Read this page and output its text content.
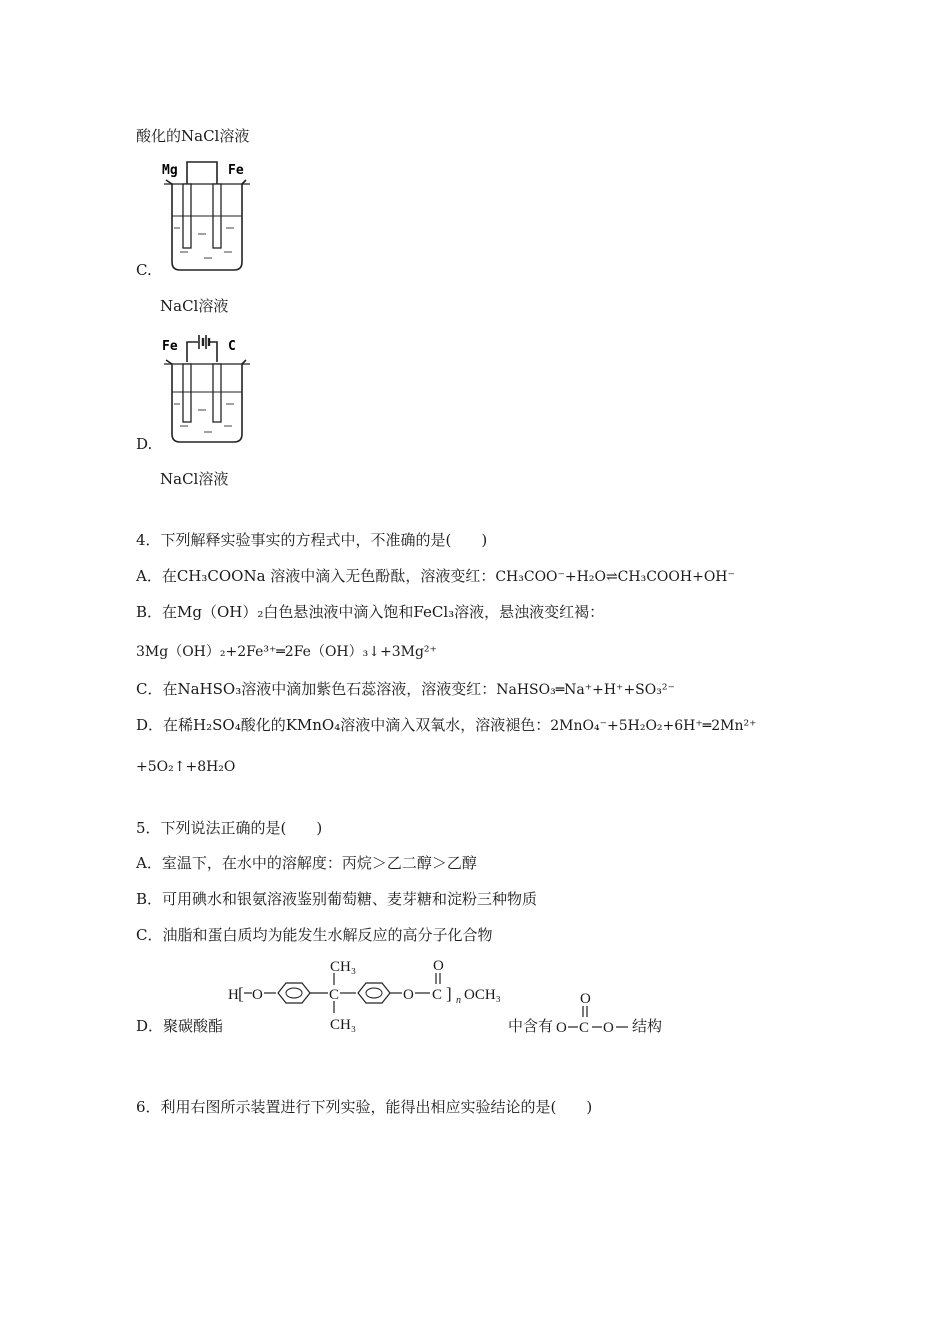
酸化的NaCl溶液
Mg	Fe
C.
NaCl溶液
Fe	C
D.
NaCl溶液
4．下列解释实验事实的方程式中，不准确的是(　　)
A．在CH₃COONa 溶液中滴入无色酚酞，溶液变红：CH₃COO⁻+H₂O⇌CH₃COOH+OH⁻
B．在Mg（OH）₂白色悬浊液中滴入饱和FeCl₃溶液，悬浊液变红褐：
3Mg（OH）₂+2Fe³⁺═2Fe（OH）₃↓+3Mg²⁺
C．在NaHSO₃溶液中滴加紫色石蕊溶液，溶液变红：NaHSO₃═Na⁺+H⁺+SO₃²⁻
D．在稀H₂SO₄酸化的KMnO₄溶液中滴入双氧水，溶液褪色：2MnO₄⁻+5H₂O₂+6H⁺═2Mn²⁺
+5O₂↑+8H₂O
5．下列说法正确的是(　　)
A．室温下，在水中的溶解度：丙烷＞乙二醇＞乙醇
B．可用碘水和银氨溶液鉴别葡萄糖、麦芽糖和淀粉三种物质
C．油脂和蛋白质均为能发生水解反应的高分子化合物
H [ O	C
CH₃
CH₃
O C
O
] n OCH₃
D．聚碳酸酯	中含有 O C
O
O 结构
6．利用右图所示装置进行下列实验，能得出相应实验结论的是(　　)
